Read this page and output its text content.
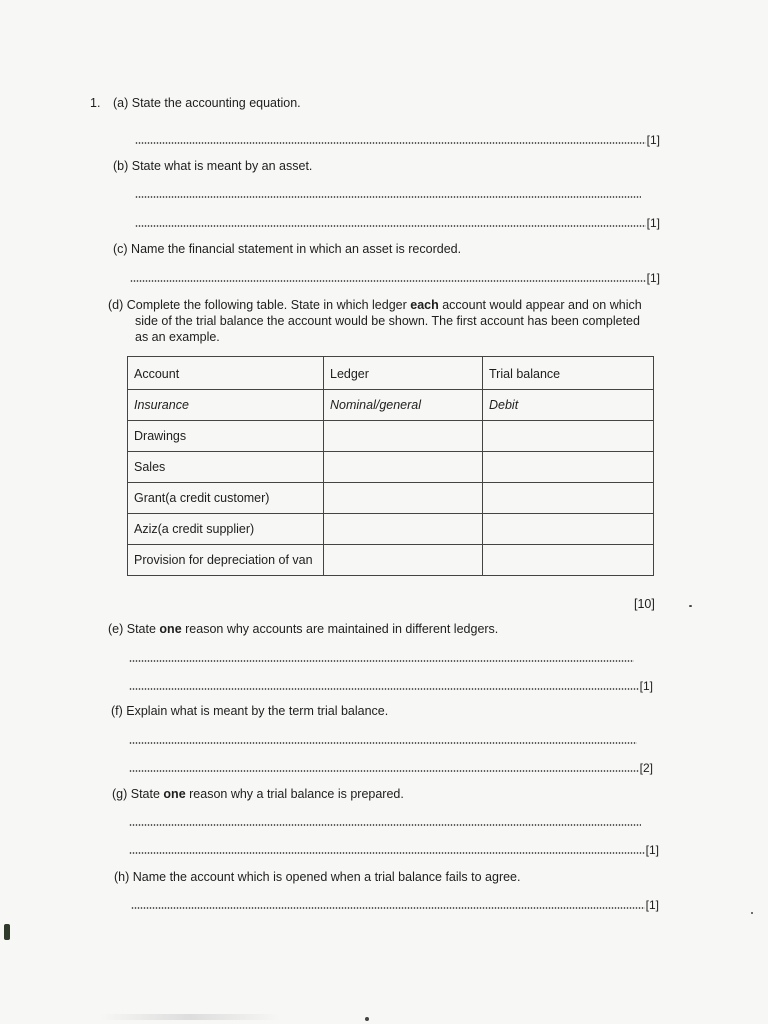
1. (a) State the accounting equation.
[1]
(b) State what is meant by an asset.
[1]
(c) Name the financial statement in which an asset is recorded.
[1]
(d) Complete the following table. State in which ledger each account would appear and on which
side of the trial balance the account would be shown. The first account has been completed
as an example.
Account	Ledger	Trial balance
Insurance	Nominal/general	Debit
Drawings		
Sales		
Grant(a credit customer)		
Aziz(a credit supplier)		
Provision for depreciation of van		
[10]
(e) State one reason why accounts are maintained in different ledgers.
[1]
(f) Explain what is meant by the term trial balance.
[2]
(g) State one reason why a trial balance is prepared.
[1]
(h) Name the account which is opened when a trial balance fails to agree.
[1]
